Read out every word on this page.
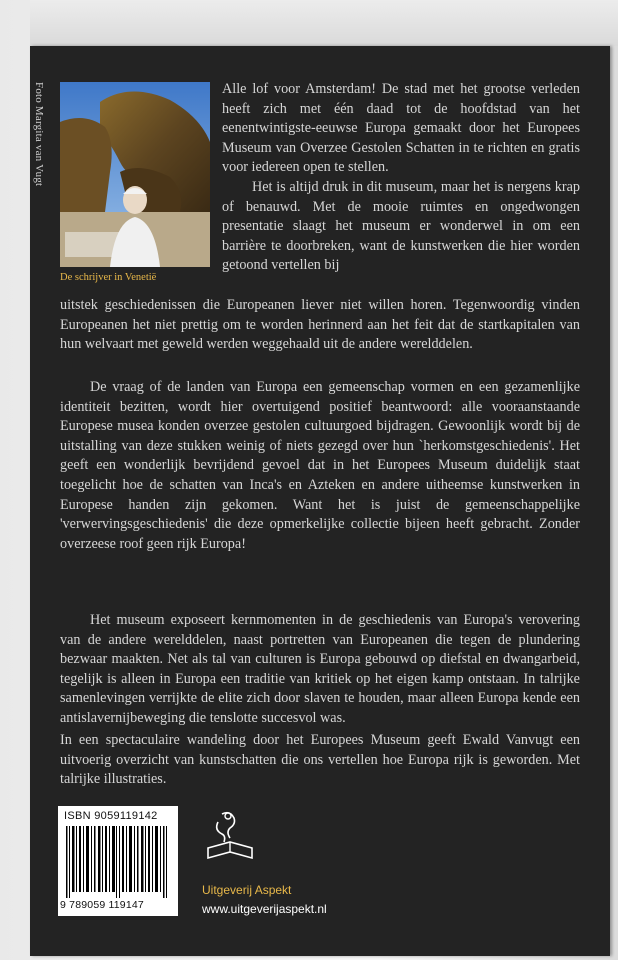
Foto Margita van Vugt
De schrijver in Venetië

Alle lof voor Amsterdam! De stad met het grootse verleden heeft zich met één daad tot de hoofdstad van het eenentwintigste-eeuwse Europa gemaakt door het Europees Museum van Overzee Gestolen Schatten in te richten en gratis voor iedereen open te stellen.

Het is altijd druk in dit museum, maar het is nergens krap of benauwd. Met de mooie ruimtes en ongedwongen presentatie slaagt het museum er wonderwel in om een barrière te doorbreken, want de kunstwerken die hier worden getoond vertellen bij

uitstek geschiedenissen die Europeanen liever niet willen horen. Tegenwoordig vinden Europeanen het niet prettig om te worden herinnerd aan het feit dat de startkapitalen van hun welvaart met geweld werden weggehaald uit de andere werelddelen.

De vraag of de landen van Europa een gemeenschap vormen en een gezamenlijke identiteit bezitten, wordt hier overtuigend positief beantwoord: alle vooraanstaande Europese musea konden overzee gestolen cultuurgoed bijdragen. Gewoonlijk wordt bij de uitstalling van deze stukken weinig of niets gezegd over hun `herkomstgeschiedenis'. Het geeft een wonderlijk bevrijdend gevoel dat in het Europees Museum duidelijk staat toegelicht hoe de schatten van Inca's en Azteken en andere uitheemse kunstwerken in Europese handen zijn gekomen. Want het is juist de gemeenschappelijke 'verwervingsgeschiedenis' die deze opmerkelijke collectie bijeen heeft gebracht. Zonder overzeese roof geen rijk Europa!

Het museum exposeert kernmomenten in de geschiedenis van Europa's verovering van de andere werelddelen, naast portretten van Europeanen die tegen de plundering bezwaar maakten. Net als tal van culturen is Europa gebouwd op diefstal en dwangarbeid, tegelijk is alleen in Europa een traditie van kritiek op het eigen kamp ontstaan. In talrijke samenlevingen verrijkte de elite zich door slaven te houden, maar alleen Europa kende een antislavernijbeweging die tenslotte succesvol was.

In een spectaculaire wandeling door het Europees Museum geeft Ewald Vanvugt een uitvoerig overzicht van kunstschatten die ons vertellen hoe Europa rijk is geworden. Met talrijke illustraties.

ISBN 9059119142
9 789059 119147
Uitgeverij Aspekt
www.uitgeverijaspekt.nl
